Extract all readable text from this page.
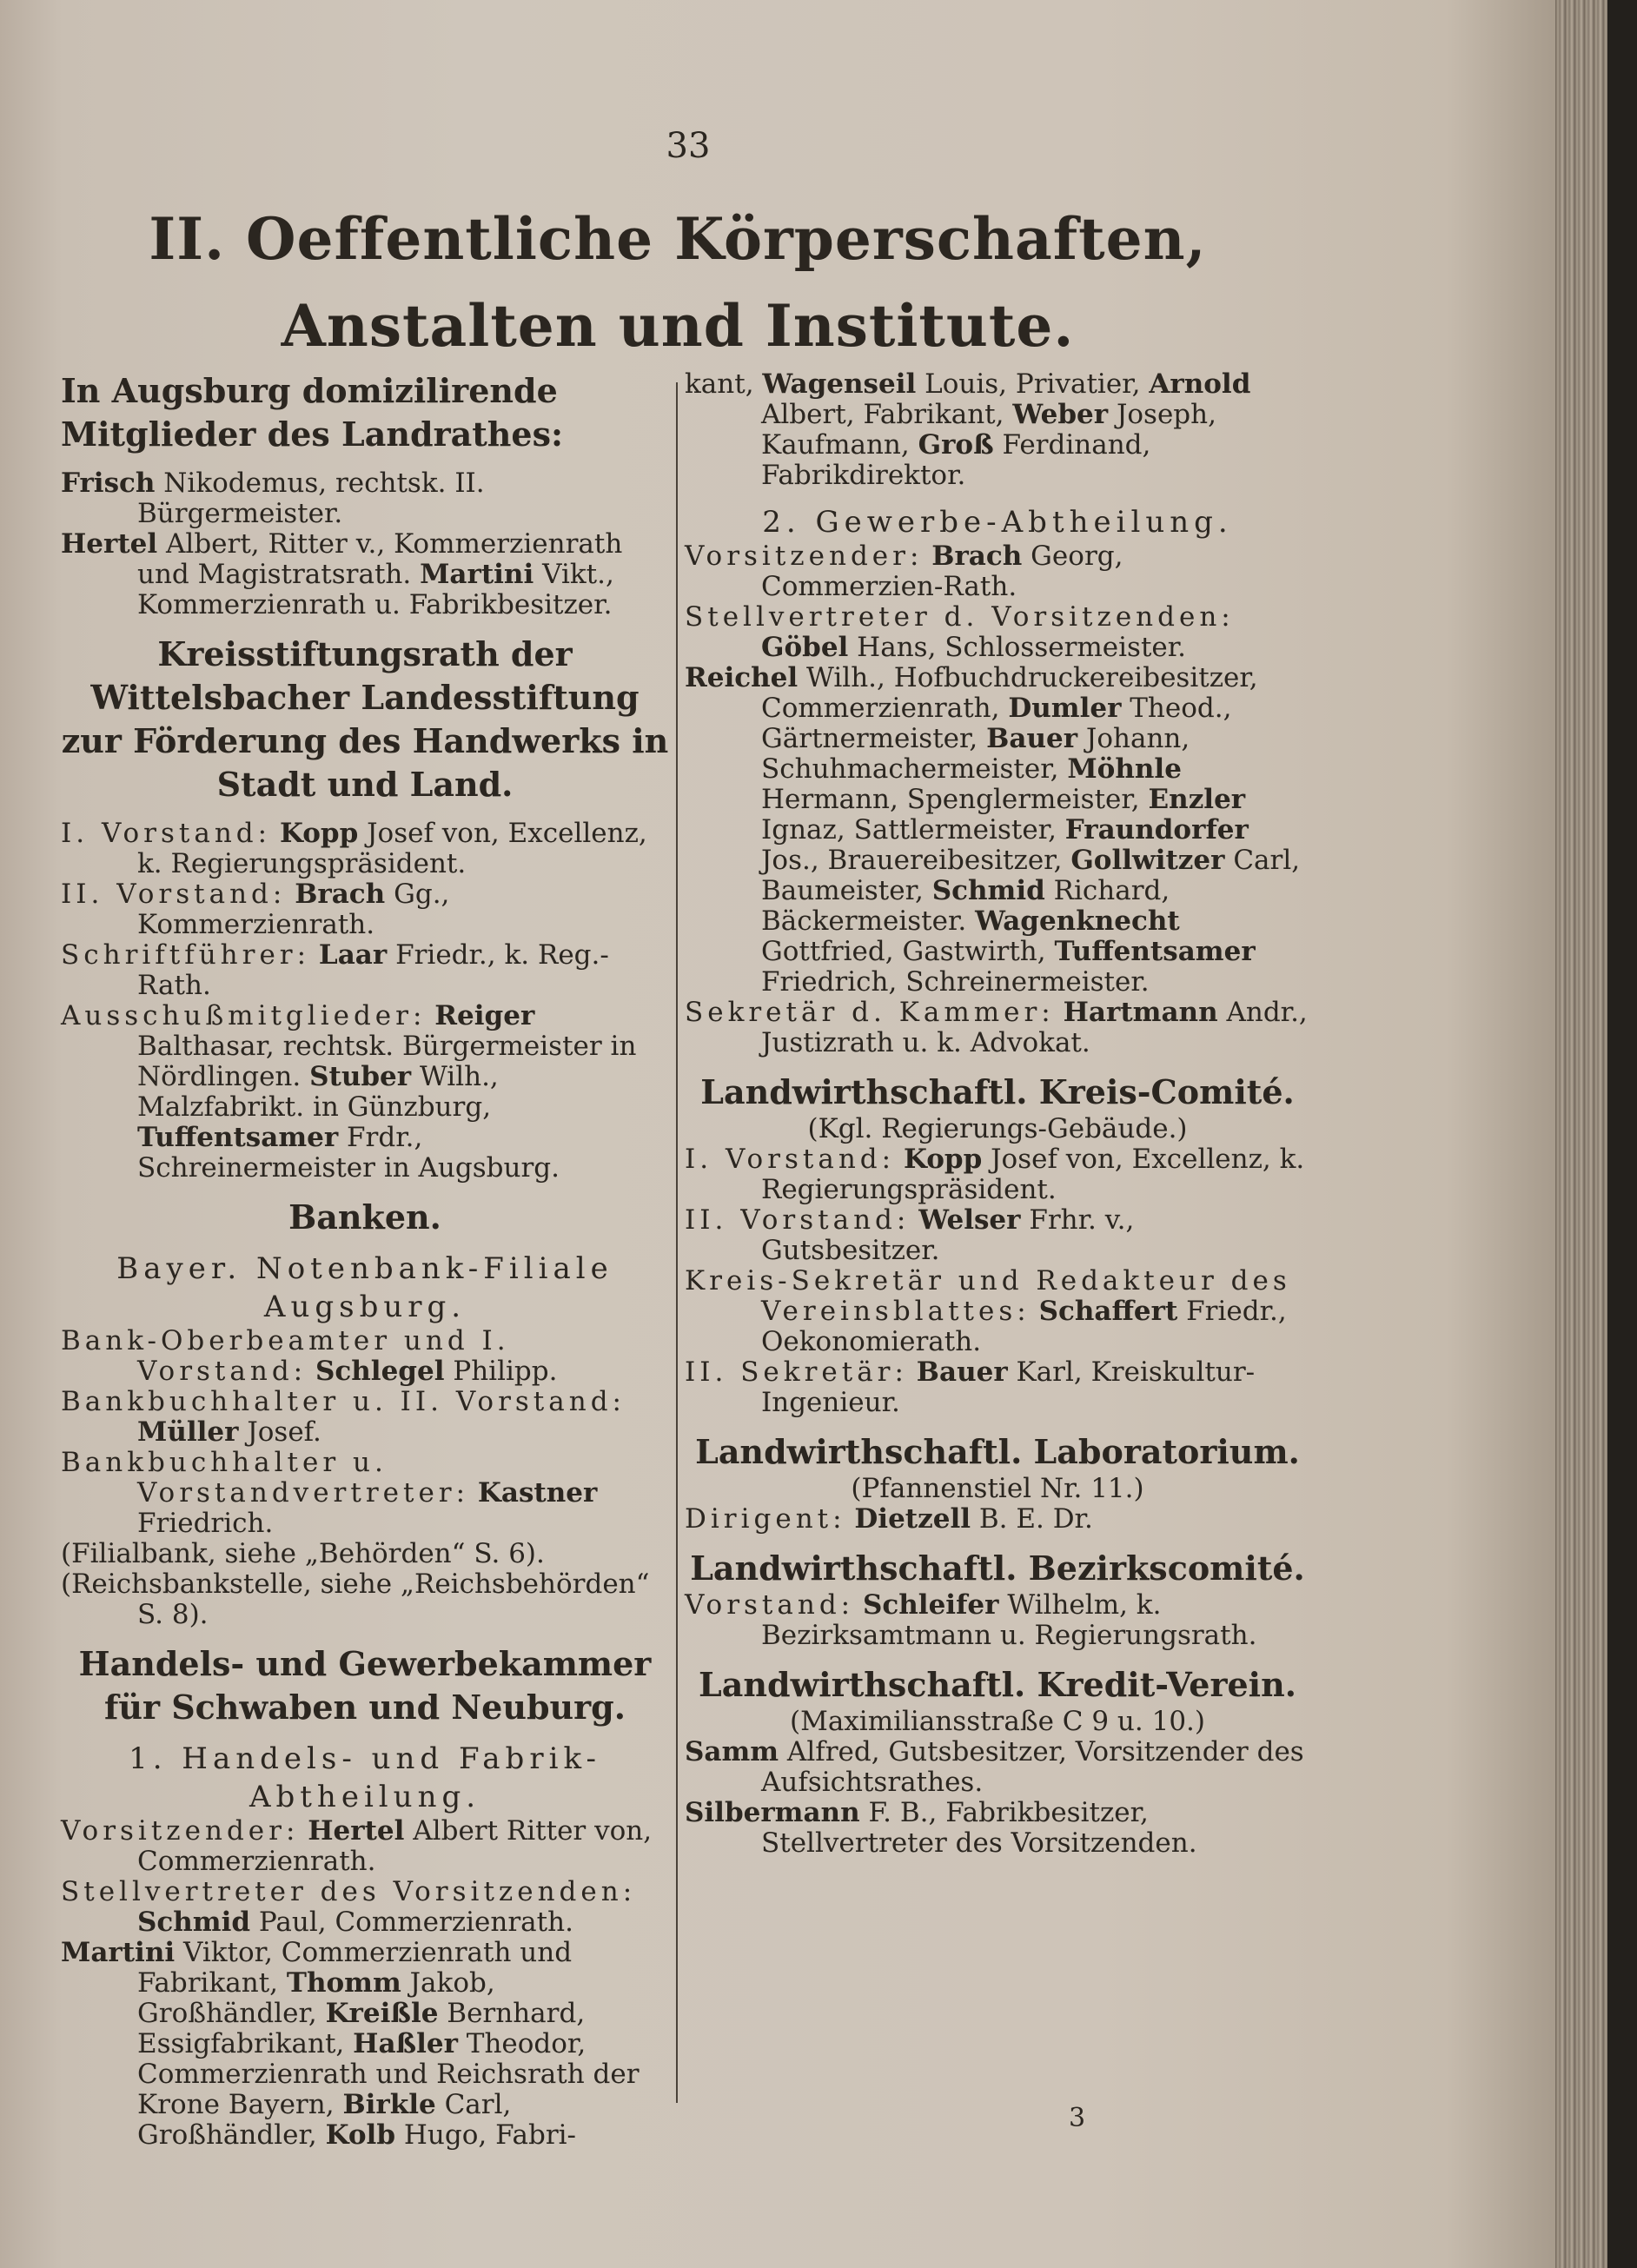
33
II. Oeffentliche Körperschaften, Anstalten und Institute.
In Augsburg domizilirende Mitglieder des Landrathes:
Frisch Nikodemus, rechtsk. II. Bürgermeister.
Hertel Albert, Ritter v., Kommerzienrath und Magistratsrath. Martini Vikt., Kommerzienrath u. Fabrikbesitzer.
Kreisstiftungsrath der Wittelsbacher Landesstiftung zur Förderung des Handwerks in Stadt und Land.
I. Vorstand: Kopp Josef von, Excellenz, k. Regierungspräsident.
II. Vorstand: Brach Gg., Kommerzienrath.
Schriftführer: Laar Friedr., k. Reg.-Rath.
Ausschußmitglieder: Reiger Balthasar, rechtsk. Bürgermeister in Nördlingen. Stuber Wilh., Malzfabrikt. in Günzburg, Tuffentsamer Frdr., Schreinermeister in Augsburg.
Banken.
Bayer. Notenbank-Filiale Augsburg.
Bank-Oberbeamter und I. Vorstand: Schlegel Philipp.
Bankbuchhalter u. II. Vorstand: Müller Josef.
Bankbuchhalter u. Vorstandvertreter: Kastner Friedrich.
(Filialbank, siehe „Behörden“ S. 6).
(Reichsbankstelle, siehe „Reichsbehörden“ S. 8).
Handels- und Gewerbekammer für Schwaben und Neuburg.
1. Handels- und Fabrik-Abtheilung.
Vorsitzender: Hertel Albert Ritter von, Commerzienrath.
Stellvertreter des Vorsitzenden: Schmid Paul, Commerzienrath.
Martini Viktor, Commerzienrath und Fabrikant, Thomm Jakob, Großhändler, Kreißle Bernhard, Essigfabrikant, Haßler Theodor, Commerzienrath und Reichsrath der Krone Bayern, Birkle Carl, Großhändler, Kolb Hugo, Fabri-
kant, Wagenseil Louis, Privatier, Arnold Albert, Fabrikant, Weber Joseph, Kaufmann, Groß Ferdinand, Fabrikdirektor.
2. Gewerbe-Abtheilung.
Vorsitzender: Brach Georg, Commerzien-Rath.
Stellvertreter d. Vorsitzenden: Göbel Hans, Schlossermeister.
Reichel Wilh., Hofbuchdruckereibesitzer, Commerzienrath, Dumler Theod., Gärtnermeister, Bauer Johann, Schuhmachermeister, Möhnle Hermann, Spenglermeister, Enzler Ignaz, Sattlermeister, Fraundorfer Jos., Brauereibesitzer, Gollwitzer Carl, Baumeister, Schmid Richard, Bäckermeister. Wagenknecht Gottfried, Gastwirth, Tuffentsamer Friedrich, Schreinermeister.
Sekretär d. Kammer: Hartmann Andr., Justizrath u. k. Advokat.
Landwirthschaftl. Kreis-Comité.
(Kgl. Regierungs-Gebäude.)
I. Vorstand: Kopp Josef von, Excellenz, k. Regierungspräsident.
II. Vorstand: Welser Frhr. v., Gutsbesitzer.
Kreis-Sekretär und Redakteur des Vereinsblattes: Schaffert Friedr., Oekonomierath.
II. Sekretär: Bauer Karl, Kreiskultur-Ingenieur.
Landwirthschaftl. Laboratorium.
(Pfannenstiel Nr. 11.)
Dirigent: Dietzell B. E. Dr.
Landwirthschaftl. Bezirkscomité.
Vorstand: Schleifer Wilhelm, k. Bezirksamtmann u. Regierungsrath.
Landwirthschaftl. Kredit-Verein.
(Maximiliansstraße C 9 u. 10.)
Samm Alfred, Gutsbesitzer, Vorsitzender des Aufsichtsrathes.
Silbermann F. B., Fabrikbesitzer, Stellvertreter des Vorsitzenden.
3
